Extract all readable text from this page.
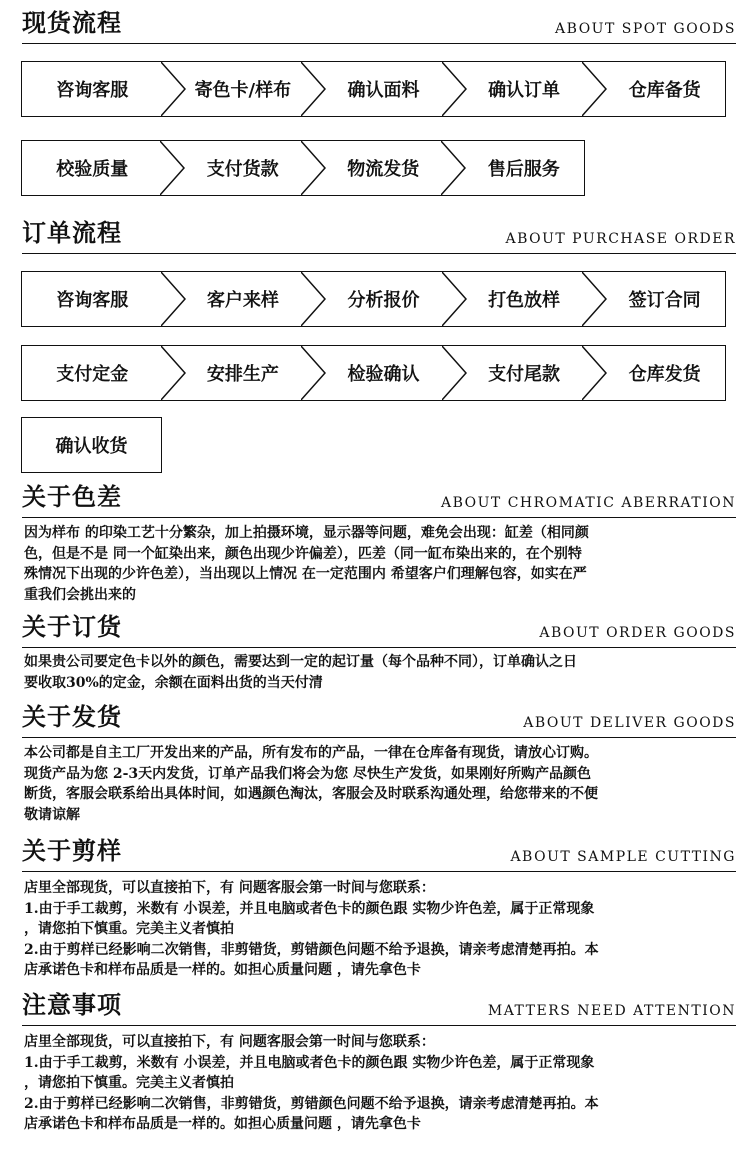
现货流程	ABOUT SPOT GOODS
咨询客服	寄色卡/样布	确认面料	确认订单	仓库备货
校验质量	支付货款	物流发货	售后服务
订单流程	ABOUT PURCHASE ORDER
咨询客服	客户来样	分析报价	打色放样	签订合同
支付定金	安排生产	检验确认	支付尾款	仓库发货
确认收货
关于色差	ABOUT CHROMATIC ABERRATION

因为样布 的印染工艺十分繁杂，加上拍摄环境，显示器等问题，难免会出现：缸差（相同颜
色，但是不是 同一个缸染出来，颜色出现少许偏差），匹差（同一缸布染出来的，在个别特
殊情况下出现的少许色差），当出现以上情况 在一定范围内 希望客户们理解包容，如实在严
重我们会挑出来的

关于订货	ABOUT ORDER GOODS

如果贵公司要定色卡以外的颜色，需要达到一定的起订量（每个品种不同），订单确认之日
要收取30%的定金，余额在面料出货的当天付清

关于发货	ABOUT DELIVER GOODS

本公司都是自主工厂开发出来的产品，所有发布的产品，一律在仓库备有现货，请放心订购。
现货产品为您 2-3天内发货，订单产品我们将会为您 尽快生产发货，如果刚好所购产品颜色
断货，客服会联系给出具体时间，如遇颜色淘汰，客服会及时联系沟通处理，给您带来的不便
敬请谅解

关于剪样	ABOUT SAMPLE CUTTING

店里全部现货，可以直接拍下，有 问题客服会第一时间与您联系：
1.由于手工裁剪，米数有 小误差，并且电脑或者色卡的颜色跟 实物少许色差，属于正常现象
，请您拍下慎重。完美主义者慎拍
2.由于剪样已经影响二次销售，非剪错货，剪错颜色问题不给予退换，请亲考虑清楚再拍。本
店承诺色卡和样布品质是一样的。如担心质量问题 ，请先拿色卡

注意事项	MATTERS NEED ATTENTION

店里全部现货，可以直接拍下，有 问题客服会第一时间与您联系：
1.由于手工裁剪，米数有 小误差，并且电脑或者色卡的颜色跟 实物少许色差，属于正常现象
，请您拍下慎重。完美主义者慎拍
2.由于剪样已经影响二次销售，非剪错货，剪错颜色问题不给予退换，请亲考虑清楚再拍。本
店承诺色卡和样布品质是一样的。如担心质量问题 ，请先拿色卡
